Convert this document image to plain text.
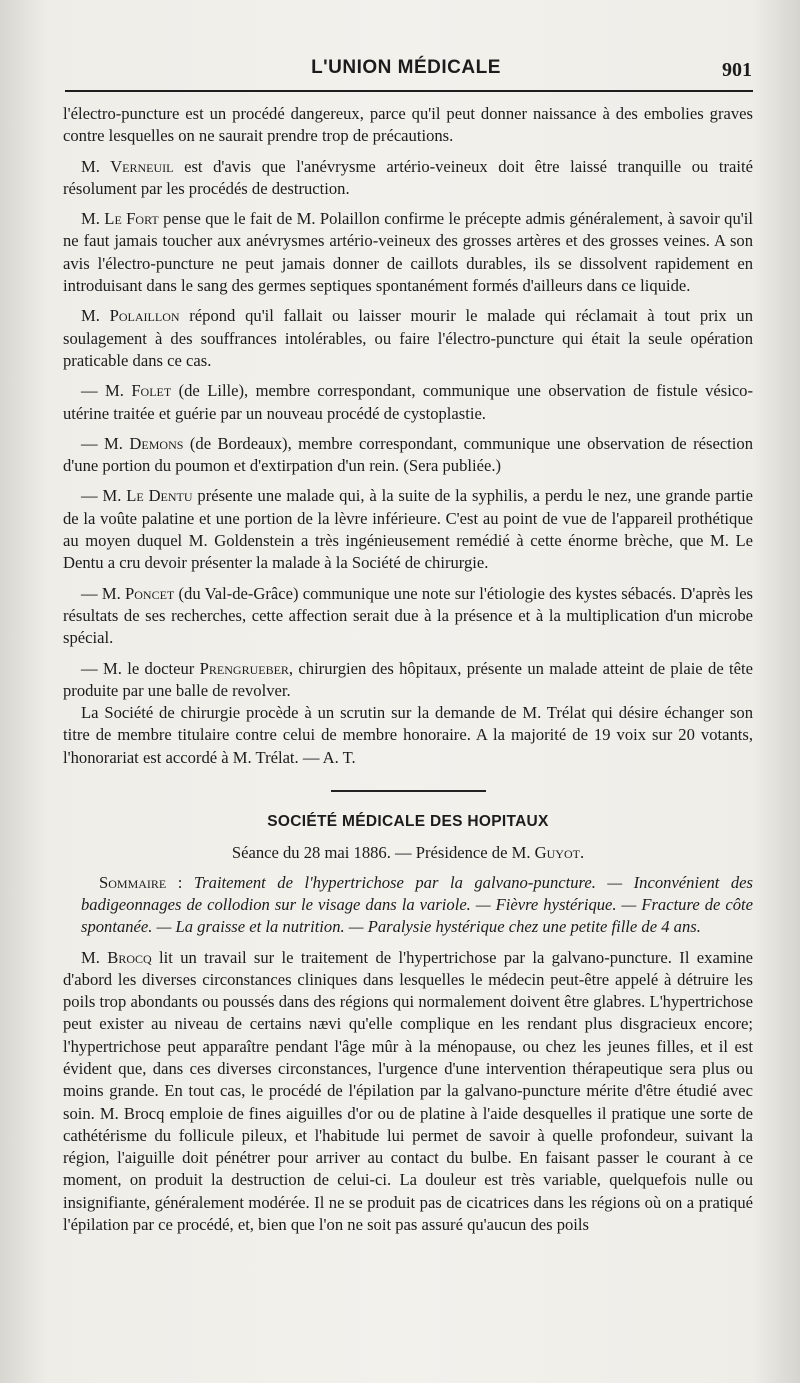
L'UNION MÉDICALE	901

l'électro-puncture est un procédé dangereux, parce qu'il peut donner naissance à des embolies graves contre lesquelles on ne saurait prendre trop de précautions.

M. Verneuil est d'avis que l'anévrysme artério-veineux doit être laissé tranquille ou traité résolument par les procédés de destruction.

M. Le Fort pense que le fait de M. Polaillon confirme le précepte admis généralement, à savoir qu'il ne faut jamais toucher aux anévrysmes artério-veineux des grosses artères et des grosses veines. A son avis l'électro-puncture ne peut jamais donner de caillots durables, ils se dissolvent rapidement en introduisant dans le sang des germes septiques spontanément formés d'ailleurs dans ce liquide.

M. Polaillon répond qu'il fallait ou laisser mourir le malade qui réclamait à tout prix un soulagement à des souffrances intolérables, ou faire l'électro-puncture qui était la seule opération praticable dans ce cas.

— M. Folet (de Lille), membre correspondant, communique une observation de fistule vésico-utérine traitée et guérie par un nouveau procédé de cystoplastie.

— M. Demons (de Bordeaux), membre correspondant, communique une observation de résection d'une portion du poumon et d'extirpation d'un rein. (Sera publiée.)

— M. Le Dentu présente une malade qui, à la suite de la syphilis, a perdu le nez, une grande partie de la voûte palatine et une portion de la lèvre inférieure. C'est au point de vue de l'appareil prothétique au moyen duquel M. Goldenstein a très ingénieusement remédié à cette énorme brèche, que M. Le Dentu a cru devoir présenter la malade à la Société de chirurgie.

— M. Poncet (du Val-de-Grâce) communique une note sur l'étiologie des kystes sébacés. D'après les résultats de ses recherches, cette affection serait due à la présence et à la multiplication d'un microbe spécial.

— M. le docteur Prengrueber, chirurgien des hôpitaux, présente un malade atteint de plaie de tête produite par une balle de revolver.

La Société de chirurgie procède à un scrutin sur la demande de M. Trélat qui désire échanger son titre de membre titulaire contre celui de membre honoraire. A la majorité de 19 voix sur 20 votants, l'honorariat est accordé à M. Trélat. — A. T.

SOCIÉTÉ MÉDICALE DES HOPITAUX
Séance du 28 mai 1886. — Présidence de M. Guyot.

Sommaire : Traitement de l'hypertrichose par la galvano-puncture. — Inconvénient des badigeonnages de collodion sur le visage dans la variole. — Fièvre hystérique. — Fracture de côte spontanée. — La graisse et la nutrition. — Paralysie hystérique chez une petite fille de 4 ans.

M. Brocq lit un travail sur le traitement de l'hypertrichose par la galvano-puncture. Il examine d'abord les diverses circonstances cliniques dans lesquelles le médecin peut-être appelé à détruire les poils trop abondants ou poussés dans des régions qui normalement doivent être glabres. L'hypertrichose peut exister au niveau de certains nævi qu'elle complique en les rendant plus disgracieux encore; l'hypertrichose peut apparaître pendant l'âge mûr à la ménopause, ou chez les jeunes filles, et il est évident que, dans ces diverses circonstances, l'urgence d'une intervention thérapeutique sera plus ou moins grande. En tout cas, le procédé de l'épilation par la galvano-puncture mérite d'être étudié avec soin. M. Brocq emploie de fines aiguilles d'or ou de platine à l'aide desquelles il pratique une sorte de cathétérisme du follicule pileux, et l'habitude lui permet de savoir à quelle profondeur, suivant la région, l'aiguille doit pénétrer pour arriver au contact du bulbe. En faisant passer le courant à ce moment, on produit la destruction de celui-ci. La douleur est très variable, quelquefois nulle ou insignifiante, généralement modérée. Il ne se produit pas de cicatrices dans les régions où on a pratiqué l'épilation par ce procédé, et, bien que l'on ne soit pas assuré qu'aucun des poils
